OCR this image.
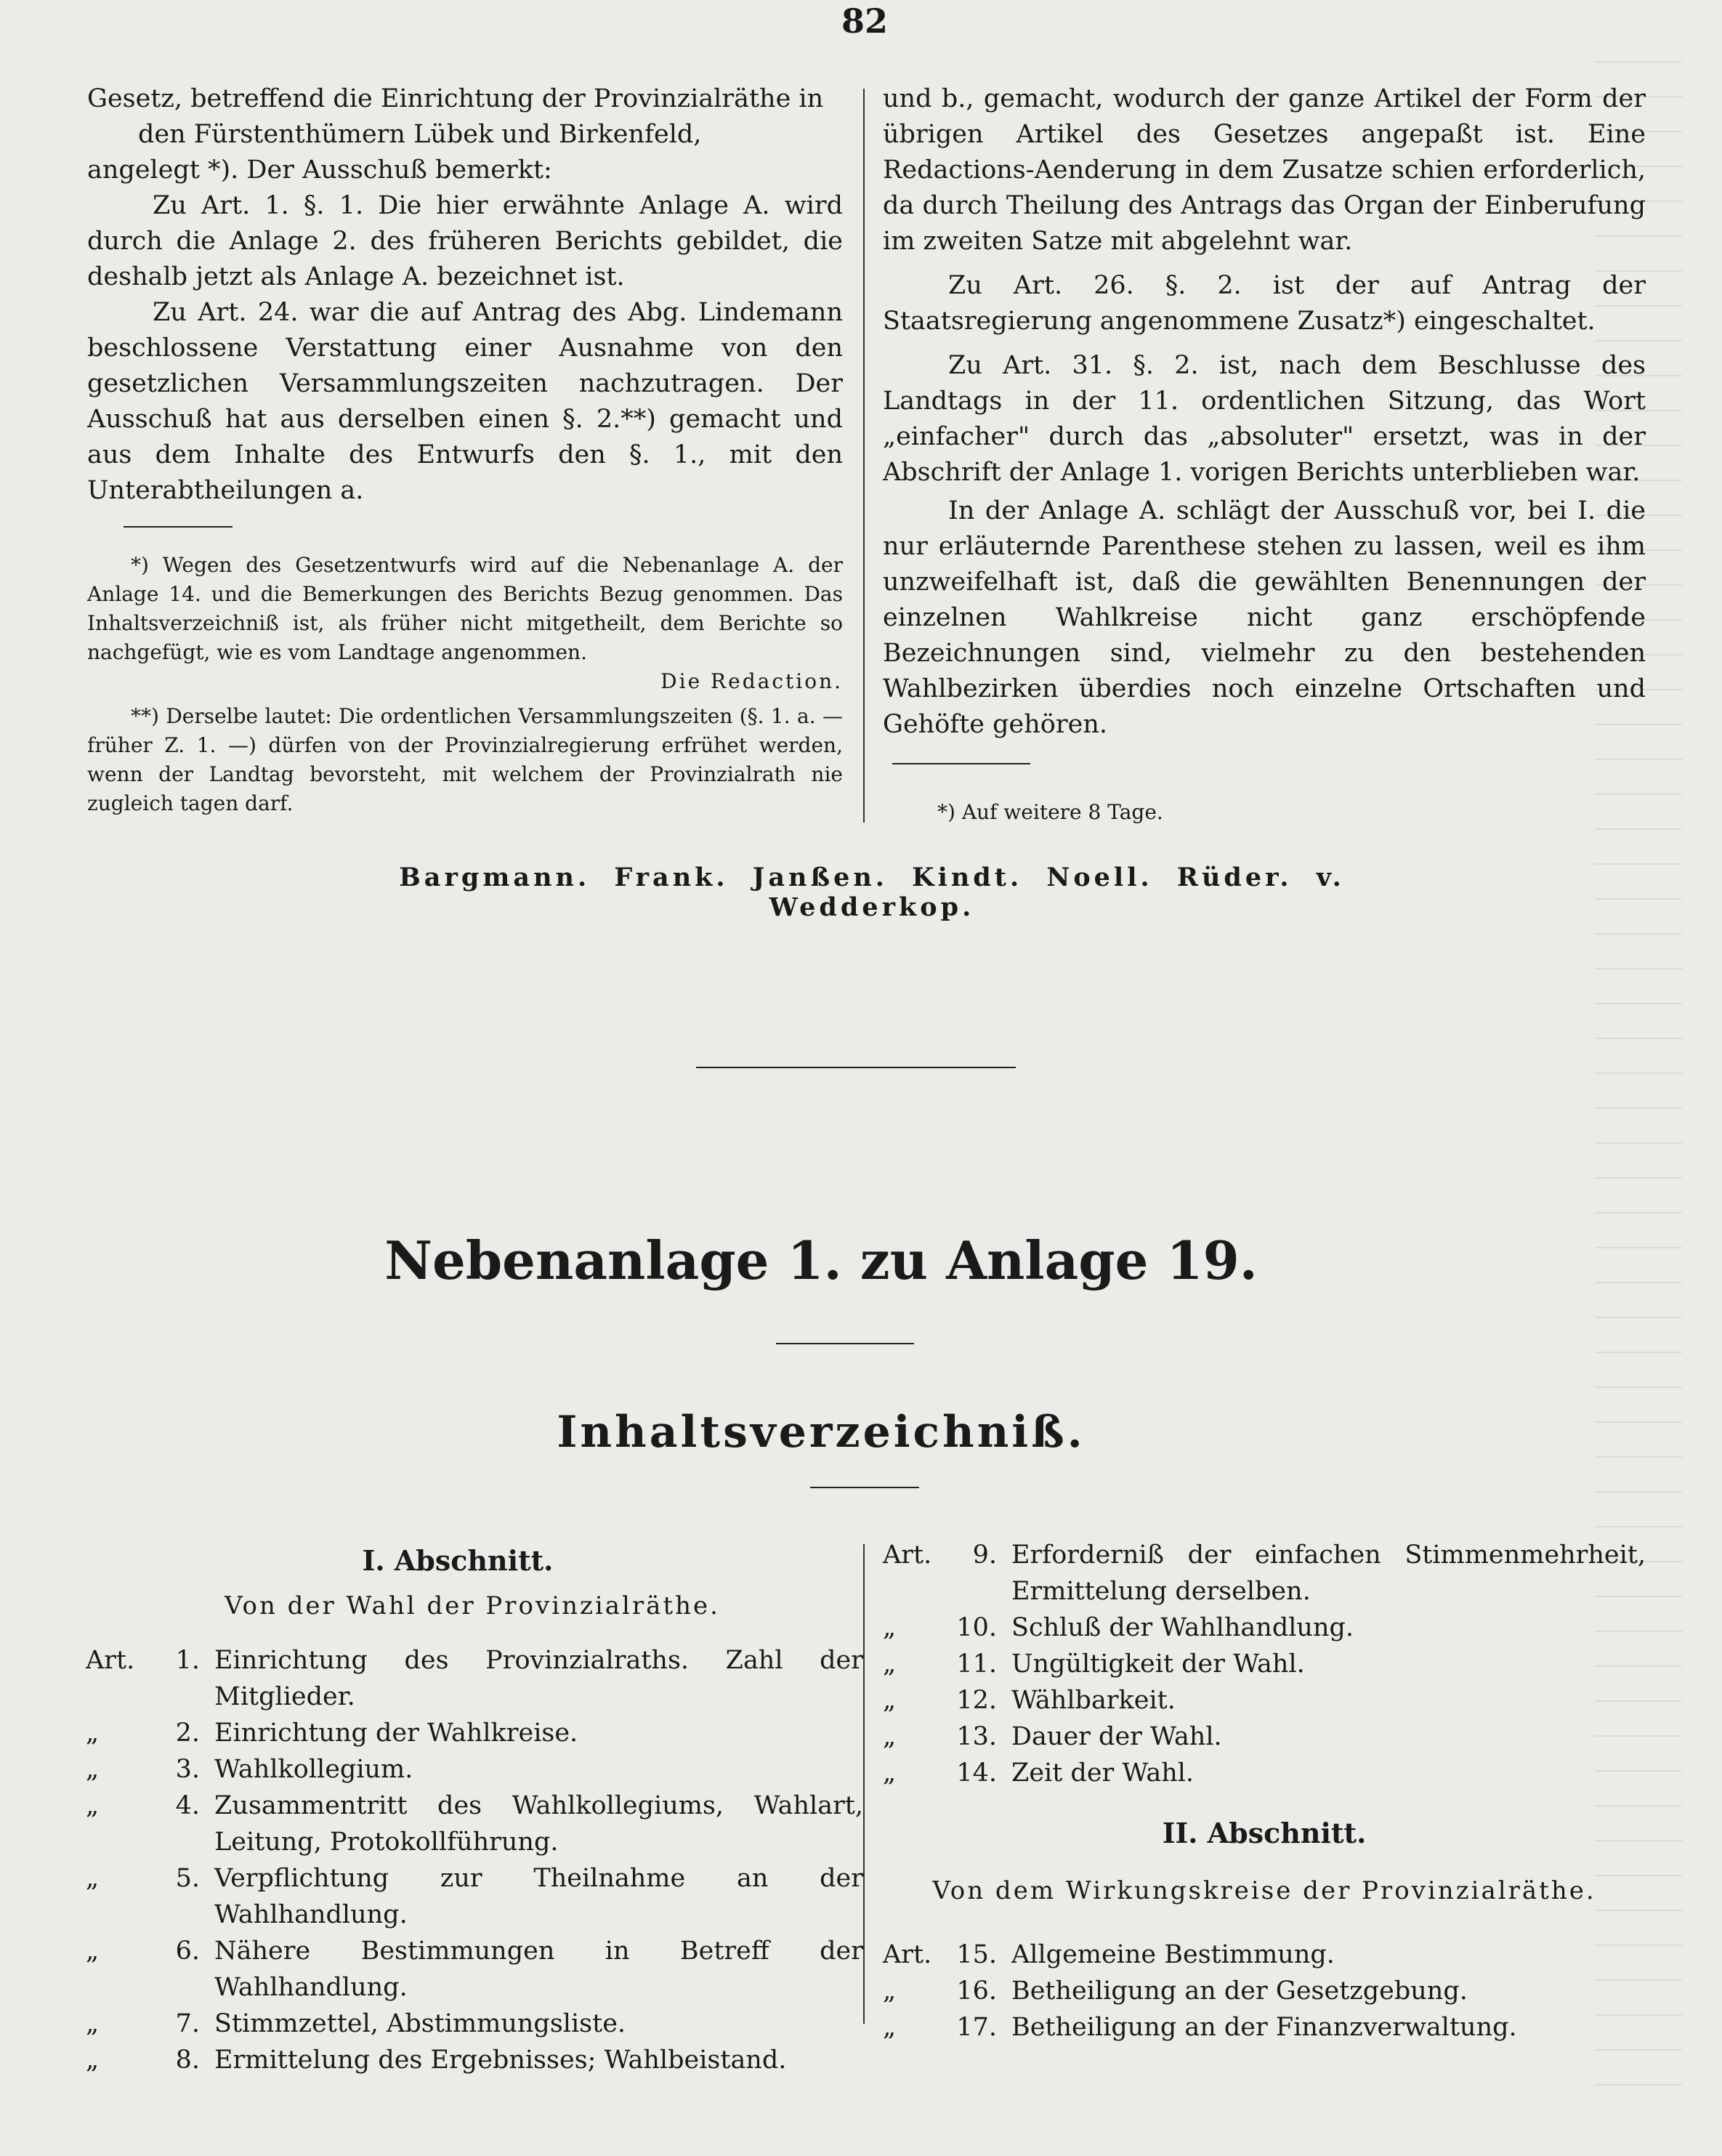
82

Gesetz, betreffend die Einrichtung der Provinzialräthe in den Fürstenthümern Lübek und Birkenfeld,

angelegt *). Der Ausschuß bemerkt:

Zu Art. 1. §. 1. Die hier erwähnte Anlage A. wird durch die Anlage 2. des früheren Berichts gebildet, die deshalb jetzt als Anlage A. bezeichnet ist.

Zu Art. 24. war die auf Antrag des Abg. Lindemann beschlossene Verstattung einer Ausnahme von den gesetzlichen Versammlungszeiten nachzutragen. Der Ausschuß hat aus derselben einen §. 2.**) gemacht und aus dem Inhalte des Entwurfs den §. 1., mit den Unterabtheilungen a.

und b., gemacht, wodurch der ganze Artikel der Form der übrigen Artikel des Gesetzes angepaßt ist. Eine Redactions-Aenderung in dem Zusatze schien erforderlich, da durch Theilung des Antrags das Organ der Einberufung im zweiten Satze mit abgelehnt war.

Zu Art. 26. §. 2. ist der auf Antrag der Staatsregierung angenommene Zusatz*) eingeschaltet.

Zu Art. 31. §. 2. ist, nach dem Beschlusse des Landtags in der 11. ordentlichen Sitzung, das Wort „einfacher" durch das „absoluter" ersetzt, was in der Abschrift der Anlage 1. vorigen Berichts unterblieben war.

In der Anlage A. schlägt der Ausschuß vor, bei I. die nur erläuternde Parenthese stehen zu lassen, weil es ihm unzweifelhaft ist, daß die gewählten Benennungen der einzelnen Wahlkreise nicht ganz erschöpfende Bezeichnungen sind, vielmehr zu den bestehenden Wahlbezirken überdies noch einzelne Ortschaften und Gehöfte gehören.

*) Wegen des Gesetzentwurfs wird auf die Nebenanlage A. der Anlage 14. und die Bemerkungen des Berichts Bezug genommen. Das Inhaltsverzeichniß ist, als früher nicht mitgetheilt, dem Berichte so nachgefügt, wie es vom Landtage angenommen.

Die Redaction.

**) Derselbe lautet: Die ordentlichen Versammlungszeiten (§. 1. a. — früher Z. 1. —) dürfen von der Provinzialregierung erfrühet werden, wenn der Landtag bevorsteht, mit welchem der Provinzialrath nie zugleich tagen darf.	*) Auf weitere 8 Tage.

Bargmann. Frank. Janßen. Kindt. Noell. Rüder. v. Wedderkop.
Nebenanlage 1. zu Anlage 19.
Inhaltsverzeichniß.
I. Abschnitt.
Von der Wahl der Provinzialräthe.
Art.	1. Einrichtung des Provinzialraths. Zahl der Mitglieder.
„	2. Einrichtung der Wahlkreise.
„	3. Wahlkollegium.
„	4. Zusammentritt des Wahlkollegiums, Wahlart, Leitung, Protokollführung.
„	5. Verpflichtung zur Theilnahme an der Wahlhandlung.
„	6. Nähere Bestimmungen in Betreff der Wahlhandlung.
„	7. Stimmzettel, Abstimmungsliste.
„	8. Ermittelung des Ergebnisses; Wahlbeistand.
Art.	9. Erforderniß der einfachen Stimmenmehrheit, Ermittelung derselben.
„	10. Schluß der Wahlhandlung.
„	11. Ungültigkeit der Wahl.
„	12. Wählbarkeit.
„	13. Dauer der Wahl.
„	14. Zeit der Wahl.
II. Abschnitt.
Von dem Wirkungskreise der Provinzialräthe.
Art. 15. Allgemeine Bestimmung.
„	16. Betheiligung an der Gesetzgebung.
„	17. Betheiligung an der Finanzverwaltung.
